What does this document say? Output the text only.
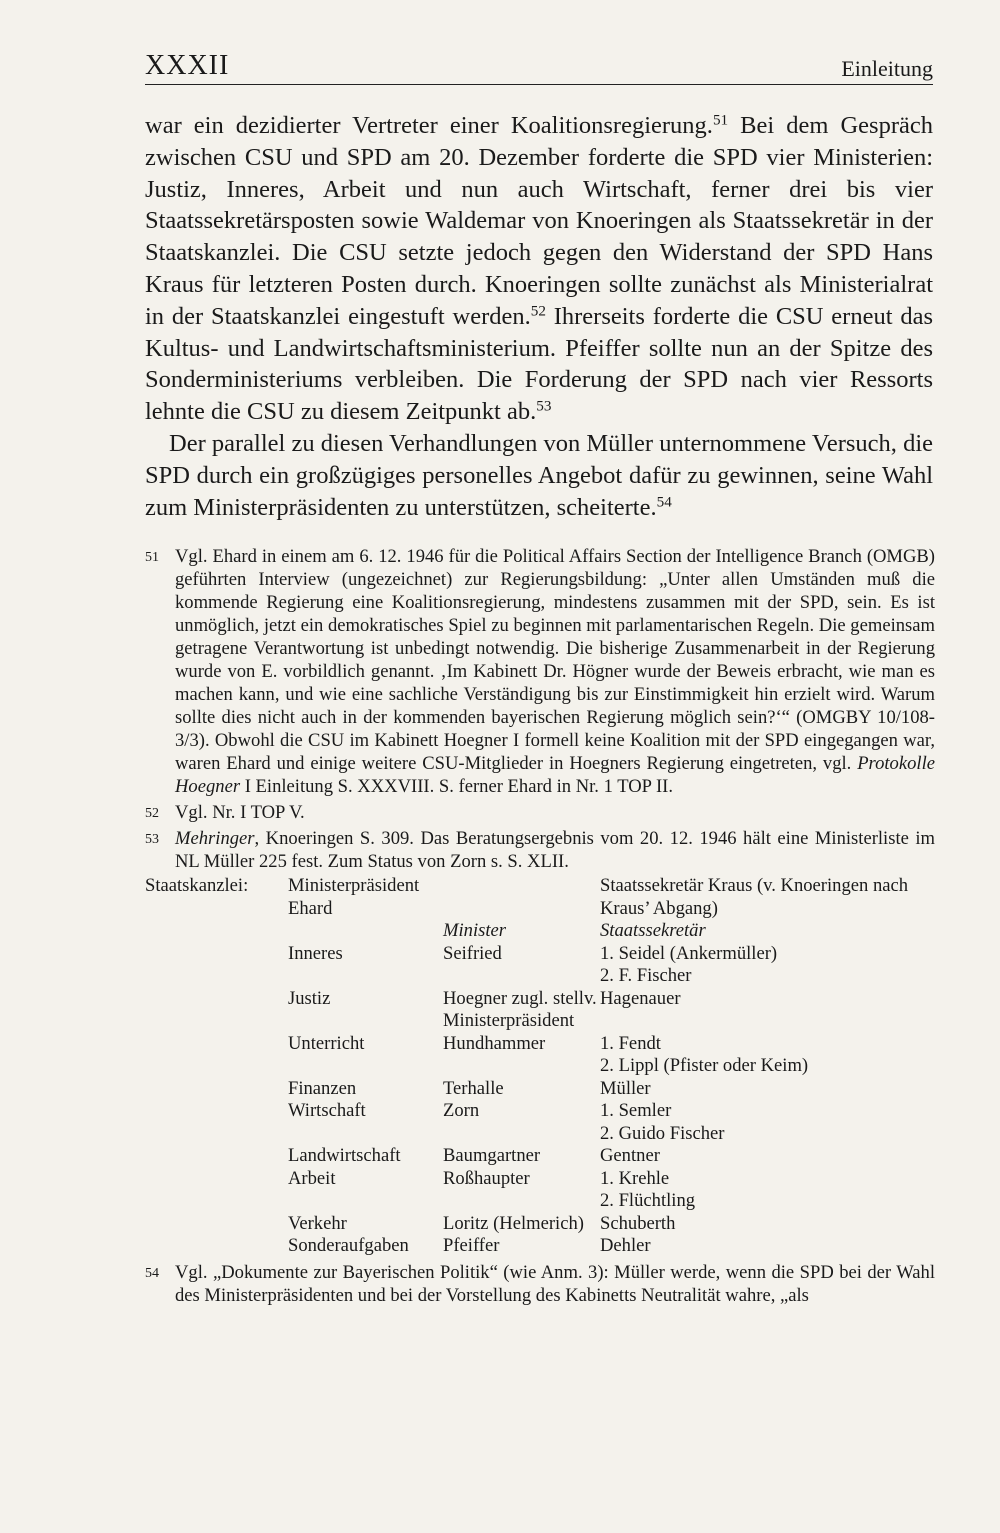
XXXII	Einleitung

war ein dezidierter Vertreter einer Koalitionsregierung.$^{51}$ Bei dem Gespräch zwischen CSU und SPD am 20. Dezember forderte die SPD vier Ministerien: Justiz, Inneres, Arbeit und nun auch Wirtschaft, ferner drei bis vier Staatssekretärsposten sowie Waldemar von Knoeringen als Staatssekretär in der Staatskanzlei. Die CSU setzte jedoch gegen den Widerstand der SPD Hans Kraus für letzteren Posten durch. Knoeringen sollte zunächst als Ministerialrat in der Staatskanzlei eingestuft werden.$^{52}$ Ihrerseits forderte die CSU erneut das Kultus- und Landwirtschaftsministerium. Pfeiffer sollte nun an der Spitze des Sonderministeriums verbleiben. Die Forderung der SPD nach vier Ressorts lehnte die CSU zu diesem Zeitpunkt ab.$^{53}$

Der parallel zu diesen Verhandlungen von Müller unternommene Versuch, die SPD durch ein großzügiges personelles Angebot dafür zu gewinnen, seine Wahl zum Ministerpräsidenten zu unterstützen, scheiterte.$^{54}$

51 Vgl. Ehard in einem am 6. 12. 1946 für die Political Affairs Section der Intelligence Branch (OMGB) geführten Interview (ungezeichnet) zur Regierungsbildung: „Unter allen Umständen muß die kommende Regierung eine Koalitionsregierung, mindestens zusammen mit der SPD, sein. Es ist unmöglich, jetzt ein demokratisches Spiel zu beginnen mit parlamentarischen Regeln. Die gemeinsam getragene Verantwortung ist unbedingt notwendig. Die bisherige Zusammenarbeit in der Regierung wurde von E. vorbildlich genannt. ‚Im Kabinett Dr. Högner wurde der Beweis erbracht, wie man es machen kann, und wie eine sachliche Verständigung bis zur Einstimmigkeit hin erzielt wird. Warum sollte dies nicht auch in der kommenden bayerischen Regierung möglich sein?‘“ (OMGBY 10/108-3/3). Obwohl die CSU im Kabinett Hoegner I formell keine Koalition mit der SPD eingegangen war, waren Ehard und einige weitere CSU-Mitglieder in Hoegners Regierung eingetreten, vgl. Protokolle Hoegner I Einleitung S. XXXVIII. S. ferner Ehard in Nr. 1 TOP II.

52 Vgl. Nr. I TOP V.

53 Mehringer, Knoeringen S. 309. Das Beratungsergebnis vom 20. 12. 1946 hält eine Ministerliste im NL Müller 225 fest. Zum Status von Zorn s. S. XLII.

Staatskanzlei:	Ministerpräsident Ehard		Staatssekretär Kraus (v. Knoeringen nach Kraus’ Abgang)
		Minister	Staatssekretär
	Inneres	Seifried	1. Seidel (Ankermüller)
			2. F. Fischer
	Justiz	Hoegner zugl. stellv. Ministerpräsident	Hagenauer
	Unterricht	Hundhammer	1. Fendt
			2. Lippl (Pfister oder Keim)
	Finanzen	Terhalle	Müller
	Wirtschaft	Zorn	1. Semler
			2. Guido Fischer
	Landwirtschaft	Baumgartner	Gentner
	Arbeit	Roßhaupter	1. Krehle
			2. Flüchtling
	Verkehr	Loritz (Helmerich)	Schuberth
	Sonderaufgaben	Pfeiffer	Dehler
54 Vgl. „Dokumente zur Bayerischen Politik“ (wie Anm. 3): Müller werde, wenn die SPD bei der Wahl des Ministerpräsidenten und bei der Vorstellung des Kabinetts Neutralität wahre, „als
